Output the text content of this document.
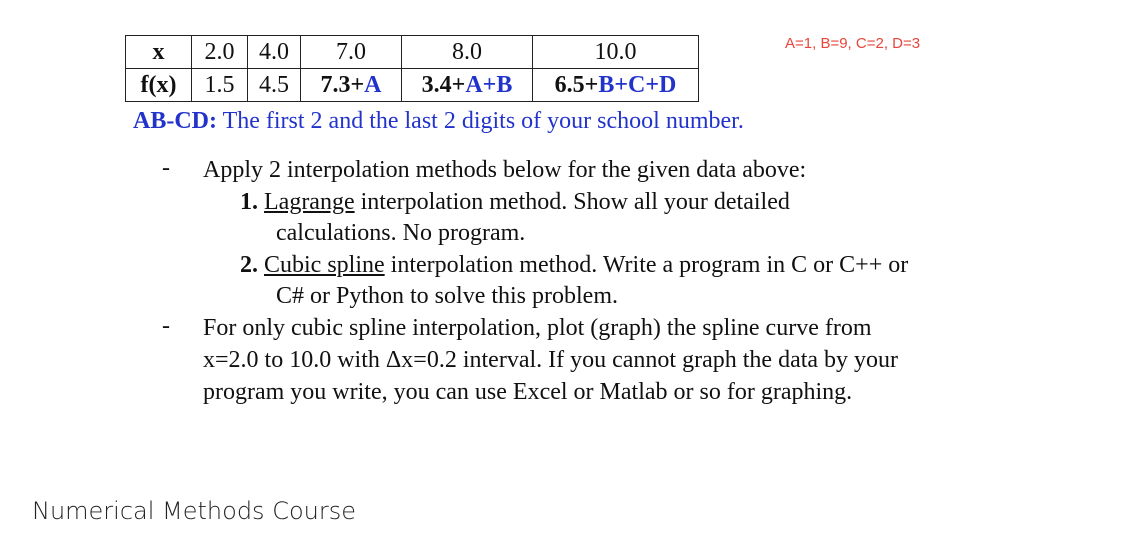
x	2.0	4.0	7.0	8.0	10.0
f(x)	1.5	4.5	7.3+A	3.4+A+B	6.5+B+C+D
A=1, B=9, C=2, D=3
AB-CD: The first 2 and the last 2 digits of your school number.
- Apply 2 interpolation methods below for the given data above:
1. Lagrange interpolation method. Show all your detailed
calculations. No program.
2. Cubic spline interpolation method. Write a program in C or C++ or
C# or Python to solve this problem.
- For only cubic spline interpolation, plot (graph) the spline curve from
x=2.0 to 10.0 with Δx=0.2 interval. If you cannot graph the data by your
program you write, you can use Excel or Matlab or so for graphing.
Numerical Methods Course
